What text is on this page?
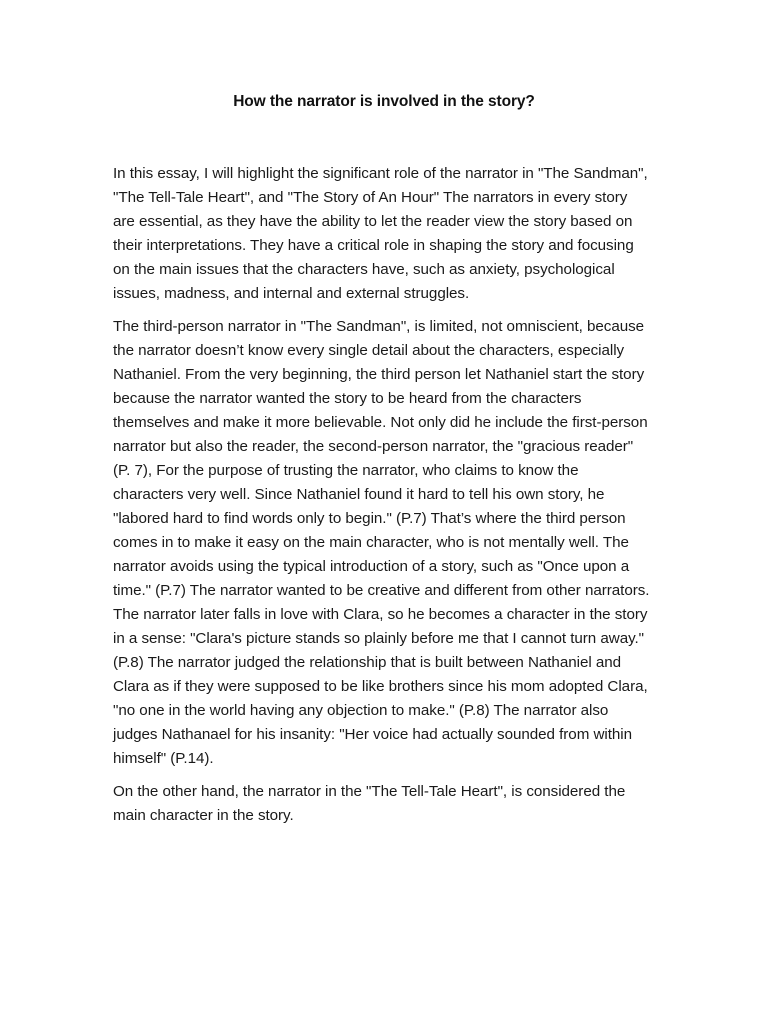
How the narrator is involved in the story?

In this essay, I will highlight the significant role of the narrator in "The Sandman", "The Tell-Tale Heart", and "The Story of An Hour" The narrators in every story are essential, as they have the ability to let the reader view the story based on their interpretations. They have a critical role in shaping the story and focusing on the main issues that the characters have, such as anxiety, psychological issues, madness, and internal and external struggles.

The third-person narrator in "The Sandman", is limited, not omniscient, because the narrator doesn’t know every single detail about the characters, especially Nathaniel. From the very beginning, the third person let Nathaniel start the story because the narrator wanted the story to be heard from the characters themselves and make it more believable. Not only did he include the first-person narrator but also the reader, the second-person narrator, the "gracious reader" (P. 7), For the purpose of trusting the narrator, who claims to know the characters very well. Since Nathaniel found it hard to tell his own story, he "labored hard to find words only to begin." (P.7) That’s where the third person comes in to make it easy on the main character, who is not mentally well. The narrator avoids using the typical introduction of a story, such as "Once upon a time." (P.7) The narrator wanted to be creative and different from other narrators. The narrator later falls in love with Clara, so he becomes a character in the story in a sense: "Clara's picture stands so plainly before me that I cannot turn away." (P.8) The narrator judged the relationship that is built between Nathaniel and Clara as if they were supposed to be like brothers since his mom adopted Clara, "no one in the world having any objection to make." (P.8) The narrator also judges Nathanael for his insanity: "Her voice had actually sounded from within himself" (P.14).

On the other hand, the narrator in the "The Tell-Tale Heart", is considered the main character in the story.
